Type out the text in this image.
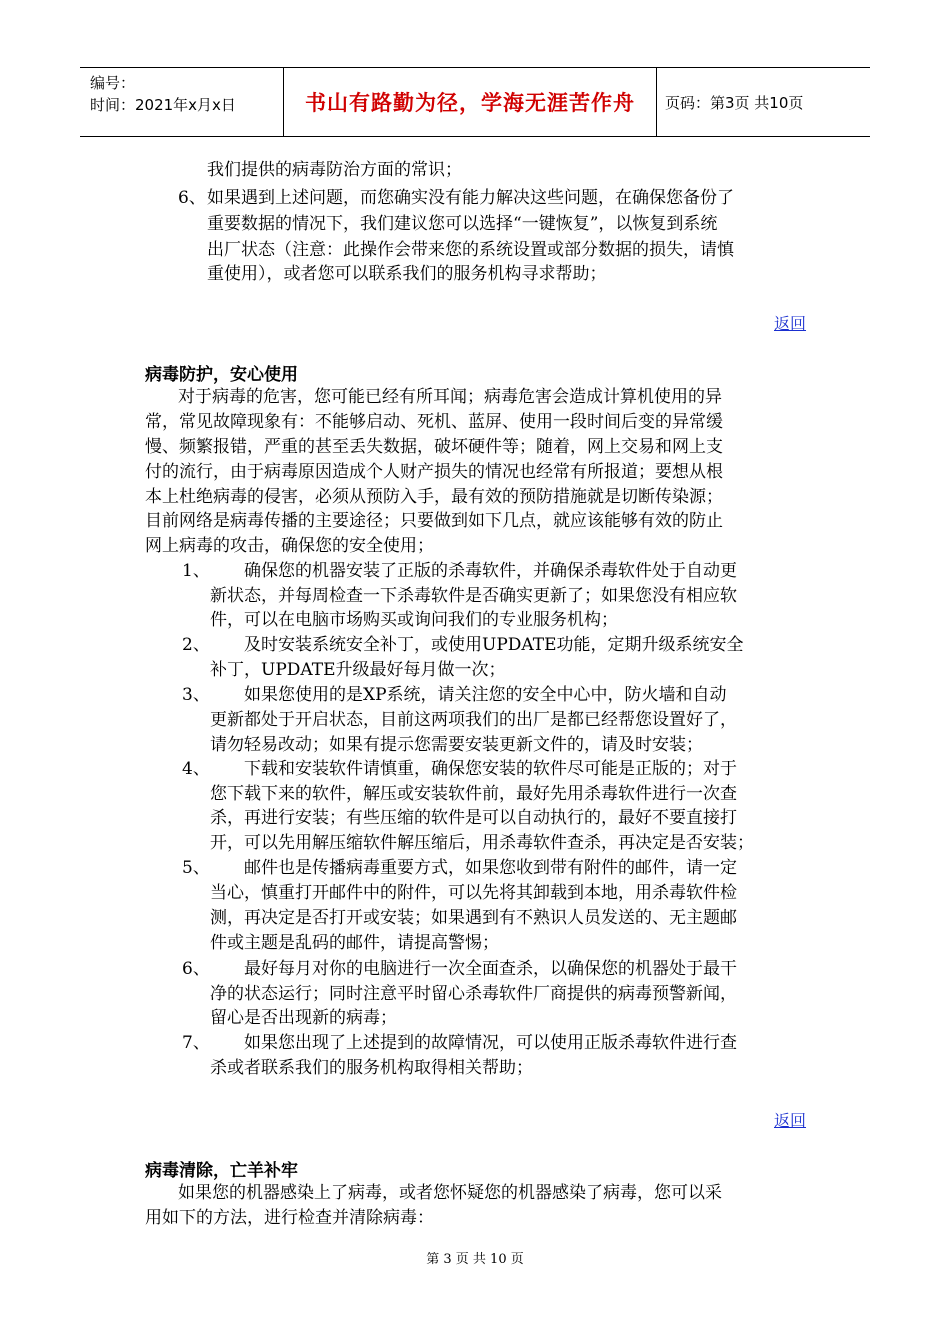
编号：
时间：2021年x月x日	书山有路勤为径，学海无涯苦作舟	页码：第3页 共10页
我们提供的病毒防治方面的常识；
6、 如果遇到上述问题，而您确实没有能力解决这些问题，在确保您备份了
重要数据的情况下，我们建议您可以选择“一键恢复”，以恢复到系统
出厂状态（注意：此操作会带来您的系统设置或部分数据的损失，请慎
重使用），或者您可以联系我们的服务机构寻求帮助；
返回
病毒防护，安心使用
对于病毒的危害，您可能已经有所耳闻；病毒危害会造成计算机使用的异
常，常见故障现象有：不能够启动、死机、蓝屏、使用一段时间后变的异常缓
慢、频繁报错，严重的甚至丢失数据，破坏硬件等；随着，网上交易和网上支
付的流行，由于病毒原因造成个人财产损失的情况也经常有所报道；要想从根
本上杜绝病毒的侵害，必须从预防入手，最有效的预防措施就是切断传染源；
目前网络是病毒传播的主要途径；只要做到如下几点，就应该能够有效的防止
网上病毒的攻击，确保您的安全使用；
1、 确保您的机器安装了正版的杀毒软件，并确保杀毒软件处于自动更
新状态，并每周检查一下杀毒软件是否确实更新了；如果您没有相应软
件，可以在电脑市场购买或询问我们的专业服务机构；
2、 及时安装系统安全补丁，或使用UPDATE功能，定期升级系统安全
补丁，UPDATE升级最好每月做一次；
3、 如果您使用的是XP系统，请关注您的安全中心中，防火墙和自动
更新都处于开启状态，目前这两项我们的出厂是都已经帮您设置好了，
请勿轻易改动；如果有提示您需要安装更新文件的，请及时安装；
4、 下载和安装软件请慎重，确保您安装的软件尽可能是正版的；对于
您下载下来的软件，解压或安装软件前，最好先用杀毒软件进行一次查
杀，再进行安装；有些压缩的软件是可以自动执行的，最好不要直接打
开，可以先用解压缩软件解压缩后，用杀毒软件查杀，再决定是否安装；
5、 邮件也是传播病毒重要方式，如果您收到带有附件的邮件，请一定
当心，慎重打开邮件中的附件，可以先将其卸载到本地，用杀毒软件检
测，再决定是否打开或安装；如果遇到有不熟识人员发送的、无主题邮
件或主题是乱码的邮件，请提高警惕；
6、 最好每月对你的电脑进行一次全面查杀，以确保您的机器处于最干
净的状态运行；同时注意平时留心杀毒软件厂商提供的病毒预警新闻，
留心是否出现新的病毒；
7、 如果您出现了上述提到的故障情况，可以使用正版杀毒软件进行查
杀或者联系我们的服务机构取得相关帮助；
返回
病毒清除，亡羊补牢
如果您的机器感染上了病毒，或者您怀疑您的机器感染了病毒，您可以采
用如下的方法，进行检查并清除病毒：
第 3 页 共 10 页
